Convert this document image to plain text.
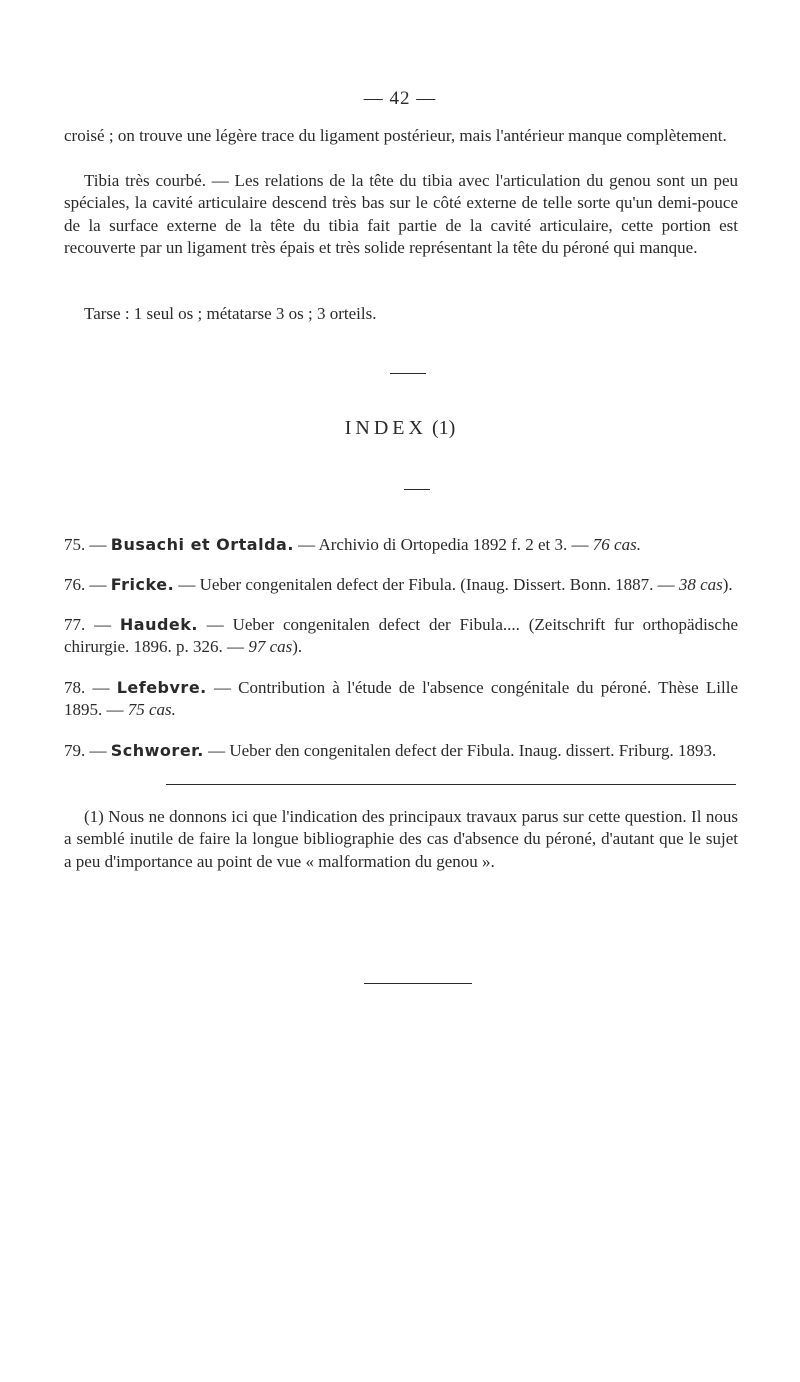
— 42 —

croisé ; on trouve une légère trace du ligament postérieur, mais l'antérieur manque complètement.

Tibia très courbé. — Les relations de la tête du tibia avec l'articulation du genou sont un peu spéciales, la cavité articulaire descend très bas sur le côté externe de telle sorte qu'un demi-pouce de la surface externe de la tête du tibia fait partie de la cavité articulaire, cette portion est recouverte par un ligament très épais et très solide représentant la tête du péroné qui manque.

Tarse : 1 seul os ; métatarse 3 os ; 3 orteils.

INDEX (1)
75. — Busachi et Ortalda. — Archivio di Ortopedia 1892 f. 2 et 3. — 76 cas.
76. — Fricke. — Ueber congenitalen defect der Fibula. (Inaug. Dissert. Bonn. 1887. — 38 cas).
77. — Haudek. — Ueber congenitalen defect der Fibula.... (Zeitschrift fur orthopädische chirurgie. 1896. p. 326. — 97 cas).
78. — Lefebvre. — Contribution à l'étude de l'absence congénitale du péroné. Thèse Lille 1895. — 75 cas.
79. — Schworer. — Ueber den congenitalen defect der Fibula. Inaug. dissert. Friburg. 1893.
(1) Nous ne donnons ici que l'indication des principaux travaux parus sur cette question. Il nous a semblé inutile de faire la longue bibliographie des cas d'absence du péroné, d'autant que le sujet a peu d'importance au point de vue « malformation du genou ».
